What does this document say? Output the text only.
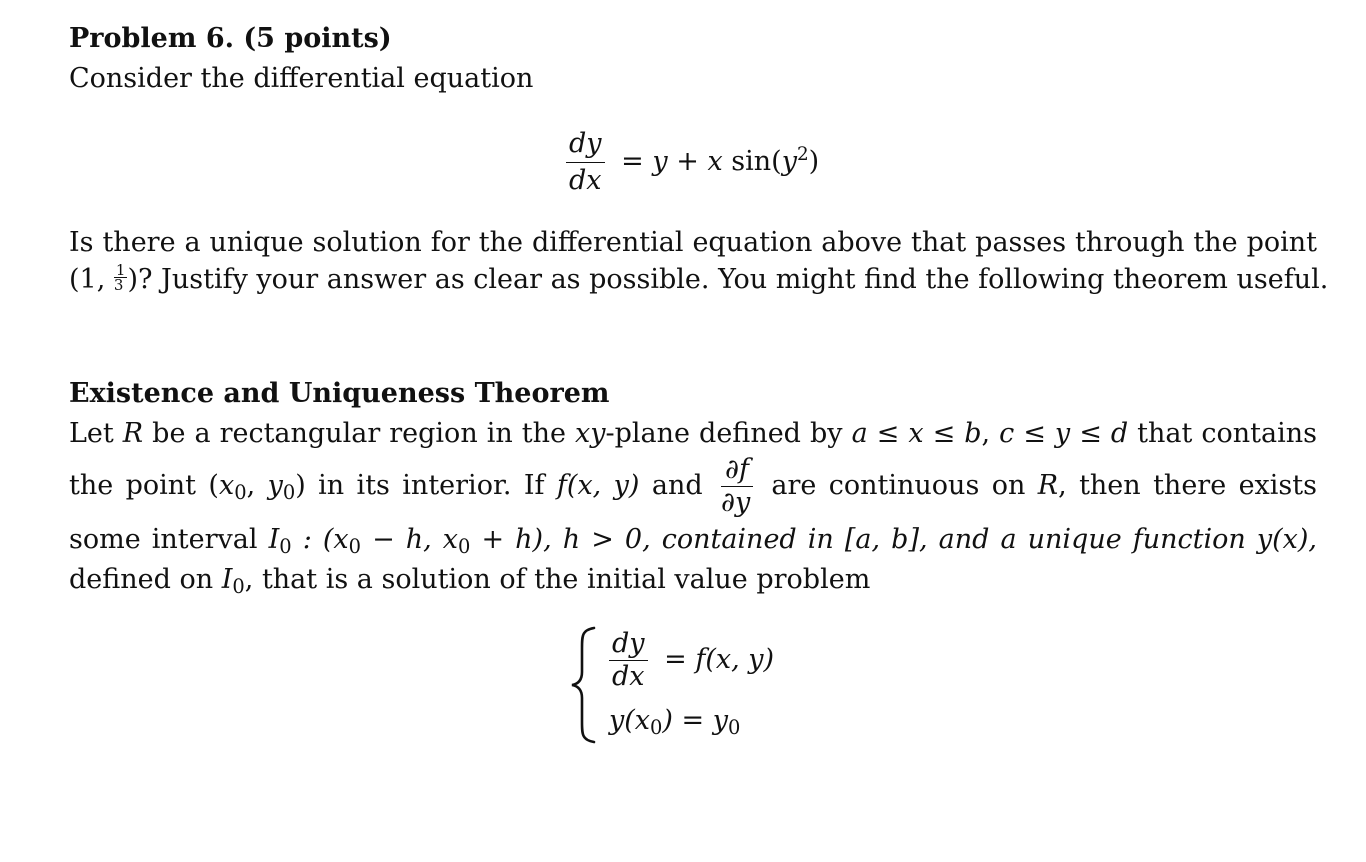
Problem 6. (5 points)
Consider the differential equation
$\frac{dy}{dx} = y + x$ $\sin(y^2)$
Is there a unique solution for the differential equation above that passes through the point
(1, $\frac{1}{3}$ )? Justify your answer as clear as possible. You might find the following theorem useful.
Existence and Uniqueness Theorem
Let R be a rectangular region in the xy-plane defined by a ≤ x ≤ b, c ≤ y ≤ d that contains
the point ($x_0$, $y_0$) in its interior. If f(x, y) and $\frac{\partial f}{\partial y}$ are continuous on R, then there exists
some interval $I_0$ : ($x_0 - h$, $x_0 + h$), h > 0, contained in [a, b], and a unique function y(x),
defined on $I_0$, that is a solution of the initial value problem
$\frac{dy}{dx} = f(x$, y)
$y(x_0) = y_0$
